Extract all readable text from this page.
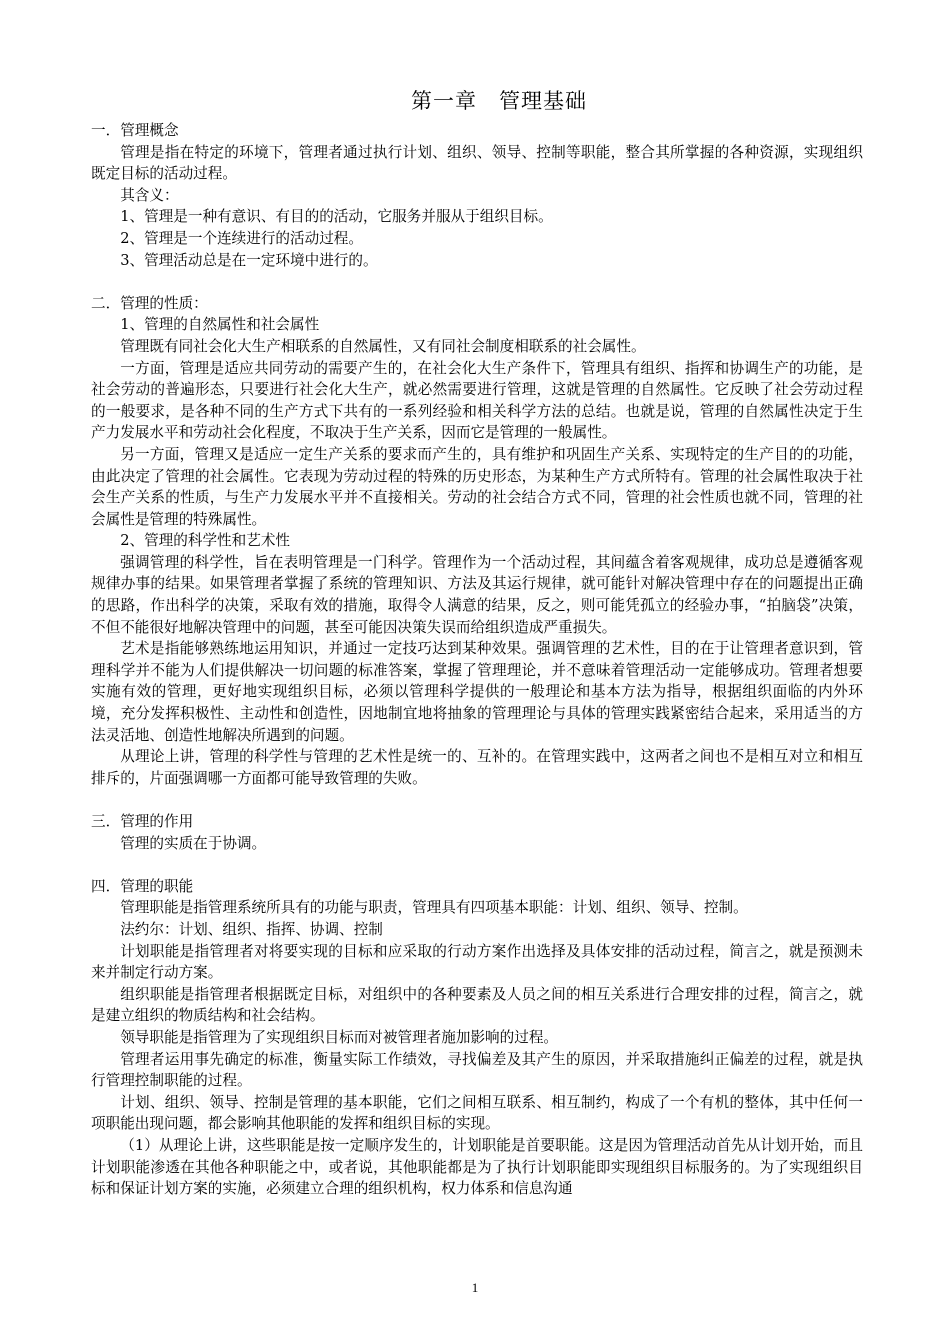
第一章　管理基础

一．管理概念

管理是指在特定的环境下，管理者通过执行计划、组织、领导、控制等职能，整合其所掌握的各种资源，实现组织既定目标的活动过程。

其含义：

1、管理是一种有意识、有目的的活动，它服务并服从于组织目标。

2、管理是一个连续进行的活动过程。

3、管理活动总是在一定环境中进行的。

二．管理的性质：

1、管理的自然属性和社会属性

管理既有同社会化大生产相联系的自然属性，又有同社会制度相联系的社会属性。

一方面，管理是适应共同劳动的需要产生的，在社会化大生产条件下，管理具有组织、指挥和协调生产的功能，是社会劳动的普遍形态，只要进行社会化大生产，就必然需要进行管理，这就是管理的自然属性。它反映了社会劳动过程的一般要求，是各种不同的生产方式下共有的一系列经验和相关科学方法的总结。也就是说，管理的自然属性决定于生产力发展水平和劳动社会化程度，不取决于生产关系，因而它是管理的一般属性。

另一方面，管理又是适应一定生产关系的要求而产生的，具有维护和巩固生产关系、实现特定的生产目的的功能，由此决定了管理的社会属性。它表现为劳动过程的特殊的历史形态，为某种生产方式所特有。管理的社会属性取决于社会生产关系的性质，与生产力发展水平并不直接相关。劳动的社会结合方式不同，管理的社会性质也就不同，管理的社会属性是管理的特殊属性。

2、管理的科学性和艺术性

强调管理的科学性，旨在表明管理是一门科学。管理作为一个活动过程，其间蕴含着客观规律，成功总是遵循客观规律办事的结果。如果管理者掌握了系统的管理知识、方法及其运行规律，就可能针对解决管理中存在的问题提出正确的思路，作出科学的决策，采取有效的措施，取得令人满意的结果，反之，则可能凭孤立的经验办事，“拍脑袋”决策，不但不能很好地解决管理中的问题，甚至可能因决策失误而给组织造成严重损失。

艺术是指能够熟练地运用知识，并通过一定技巧达到某种效果。强调管理的艺术性，目的在于让管理者意识到，管理科学并不能为人们提供解决一切问题的标准答案，掌握了管理理论，并不意味着管理活动一定能够成功。管理者想要实施有效的管理，更好地实现组织目标，必须以管理科学提供的一般理论和基本方法为指导，根据组织面临的内外环境，充分发挥积极性、主动性和创造性，因地制宜地将抽象的管理理论与具体的管理实践紧密结合起来，采用适当的方法灵活地、创造性地解决所遇到的问题。

从理论上讲，管理的科学性与管理的艺术性是统一的、互补的。在管理实践中，这两者之间也不是相互对立和相互排斥的，片面强调哪一方面都可能导致管理的失败。

三．管理的作用

管理的实质在于协调。

四．管理的职能

管理职能是指管理系统所具有的功能与职责，管理具有四项基本职能：计划、组织、领导、控制。

法约尔：计划、组织、指挥、协调、控制

计划职能是指管理者对将要实现的目标和应采取的行动方案作出选择及具体安排的活动过程，简言之，就是预测未来并制定行动方案。

组织职能是指管理者根据既定目标，对组织中的各种要素及人员之间的相互关系进行合理安排的过程，简言之，就是建立组织的物质结构和社会结构。

领导职能是指管理为了实现组织目标而对被管理者施加影响的过程。

管理者运用事先确定的标准，衡量实际工作绩效，寻找偏差及其产生的原因，并采取措施纠正偏差的过程，就是执行管理控制职能的过程。

计划、组织、领导、控制是管理的基本职能，它们之间相互联系、相互制约，构成了一个有机的整体，其中任何一项职能出现问题，都会影响其他职能的发挥和组织目标的实现。

（1）从理论上讲，这些职能是按一定顺序发生的，计划职能是首要职能。这是因为管理活动首先从计划开始，而且计划职能渗透在其他各种职能之中，或者说，其他职能都是为了执行计划职能即实现组织目标服务的。为了实现组织目标和保证计划方案的实施，必须建立合理的组织机构，权力体系和信息沟通

1
